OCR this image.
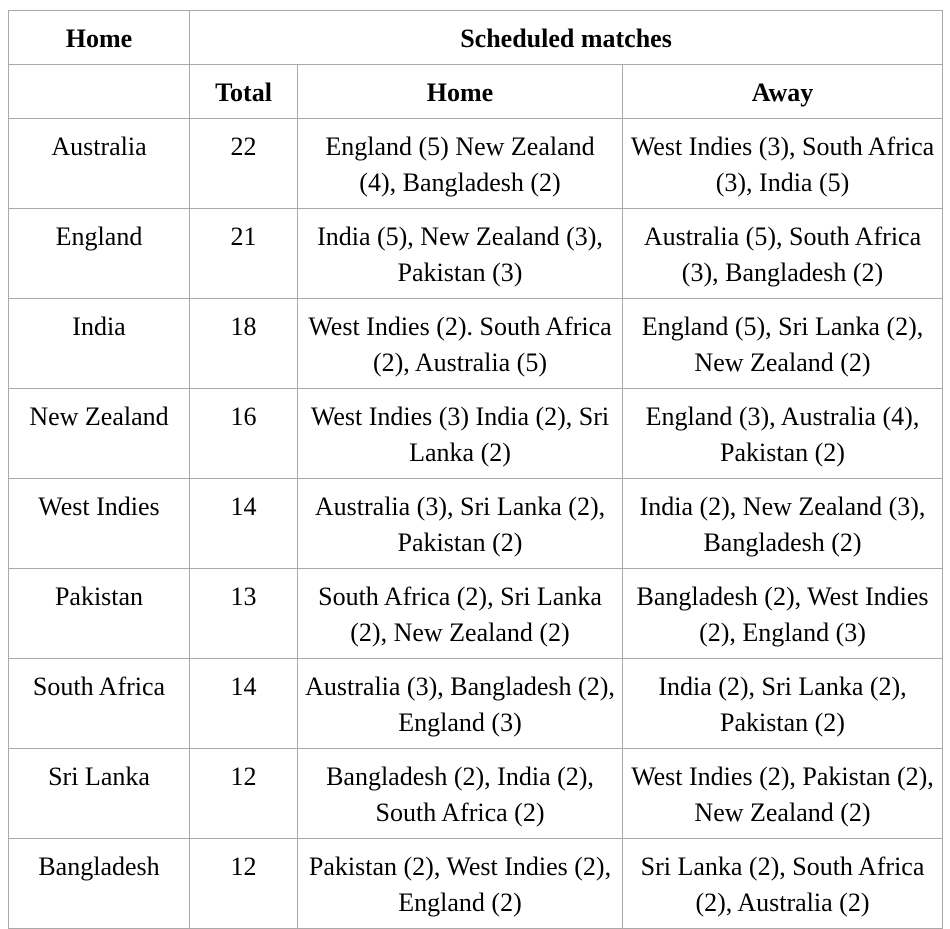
Home	Scheduled matches		
	Total	Home	Away
Australia	22	England (5) New Zealand (4), Bangladesh (2)	West Indies (3), South Africa (3), India (5)
England	21	India (5), New Zealand (3), Pakistan (3)	Australia (5), South Africa (3), Bangladesh (2)
India	18	West Indies (2). South Africa (2), Australia (5)	England (5), Sri Lanka (2), New Zealand (2)
New Zealand	16	West Indies (3) India (2), Sri Lanka (2)	England (3), Australia (4), Pakistan (2)
West Indies	14	Australia (3), Sri Lanka (2), Pakistan (2)	India (2), New Zealand (3), Bangladesh (2)
Pakistan	13	South Africa (2), Sri Lanka (2), New Zealand (2)	Bangladesh (2), West Indies (2), England (3)
South Africa	14	Australia (3), Bangladesh (2), England (3)	India (2), Sri Lanka (2), Pakistan (2)
Sri Lanka	12	Bangladesh (2), India (2), South Africa (2)	West Indies (2), Pakistan (2), New Zealand (2)
Bangladesh	12	Pakistan (2), West Indies (2), England (2)	Sri Lanka (2), South Africa (2), Australia (2)
